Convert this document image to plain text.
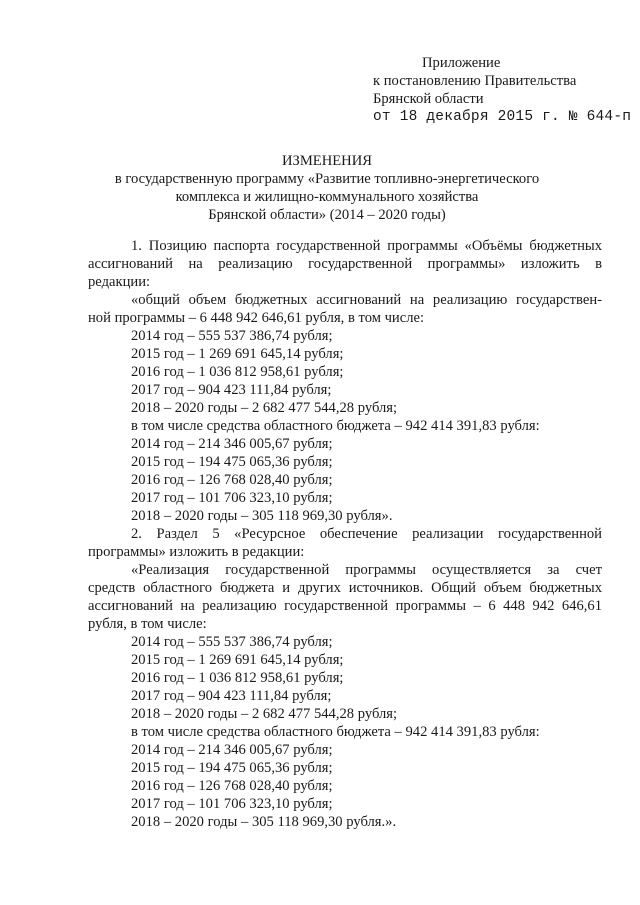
Приложение
к постановлению Правительства
Брянской области
от 18 декабря 2015 г. № 644-п
ИЗМЕНЕНИЯ
в государственную программу «Развитие топливно-энергетического
комплекса и жилищно-коммунального хозяйства
Брянской области» (2014 – 2020 годы)
1. Позицию паспорта государственной программы «Объёмы бюджетных
ассигнований на реализацию государственной программы» изложить в
редакции:
«общий объем бюджетных ассигнований на реализацию государствен-
ной программы – 6 448 942 646,61 рубля, в том числе:
2014 год – 555 537 386,74 рубля;
2015 год – 1 269 691 645,14 рубля;
2016 год – 1 036 812 958,61 рубля;
2017 год – 904 423 111,84 рубля;
2018 – 2020 годы – 2 682 477 544,28 рубля;
в том числе средства областного бюджета – 942 414 391,83 рубля:
2014 год – 214 346 005,67 рубля;
2015 год – 194 475 065,36 рубля;
2016 год – 126 768 028,40 рубля;
2017 год – 101 706 323,10 рубля;
2018 – 2020 годы – 305 118 969,30 рубля».
2. Раздел 5 «Ресурсное обеспечение реализации государственной
программы» изложить в редакции:
«Реализация государственной программы осуществляется за счет
средств областного бюджета и других источников. Общий объем бюджетных
ассигнований на реализацию государственной программы – 6 448 942 646,61
рубля, в том числе:
2014 год – 555 537 386,74 рубля;
2015 год – 1 269 691 645,14 рубля;
2016 год – 1 036 812 958,61 рубля;
2017 год – 904 423 111,84 рубля;
2018 – 2020 годы – 2 682 477 544,28 рубля;
в том числе средства областного бюджета – 942 414 391,83 рубля:
2014 год – 214 346 005,67 рубля;
2015 год – 194 475 065,36 рубля;
2016 год – 126 768 028,40 рубля;
2017 год – 101 706 323,10 рубля;
2018 – 2020 годы – 305 118 969,30 рубля.».
